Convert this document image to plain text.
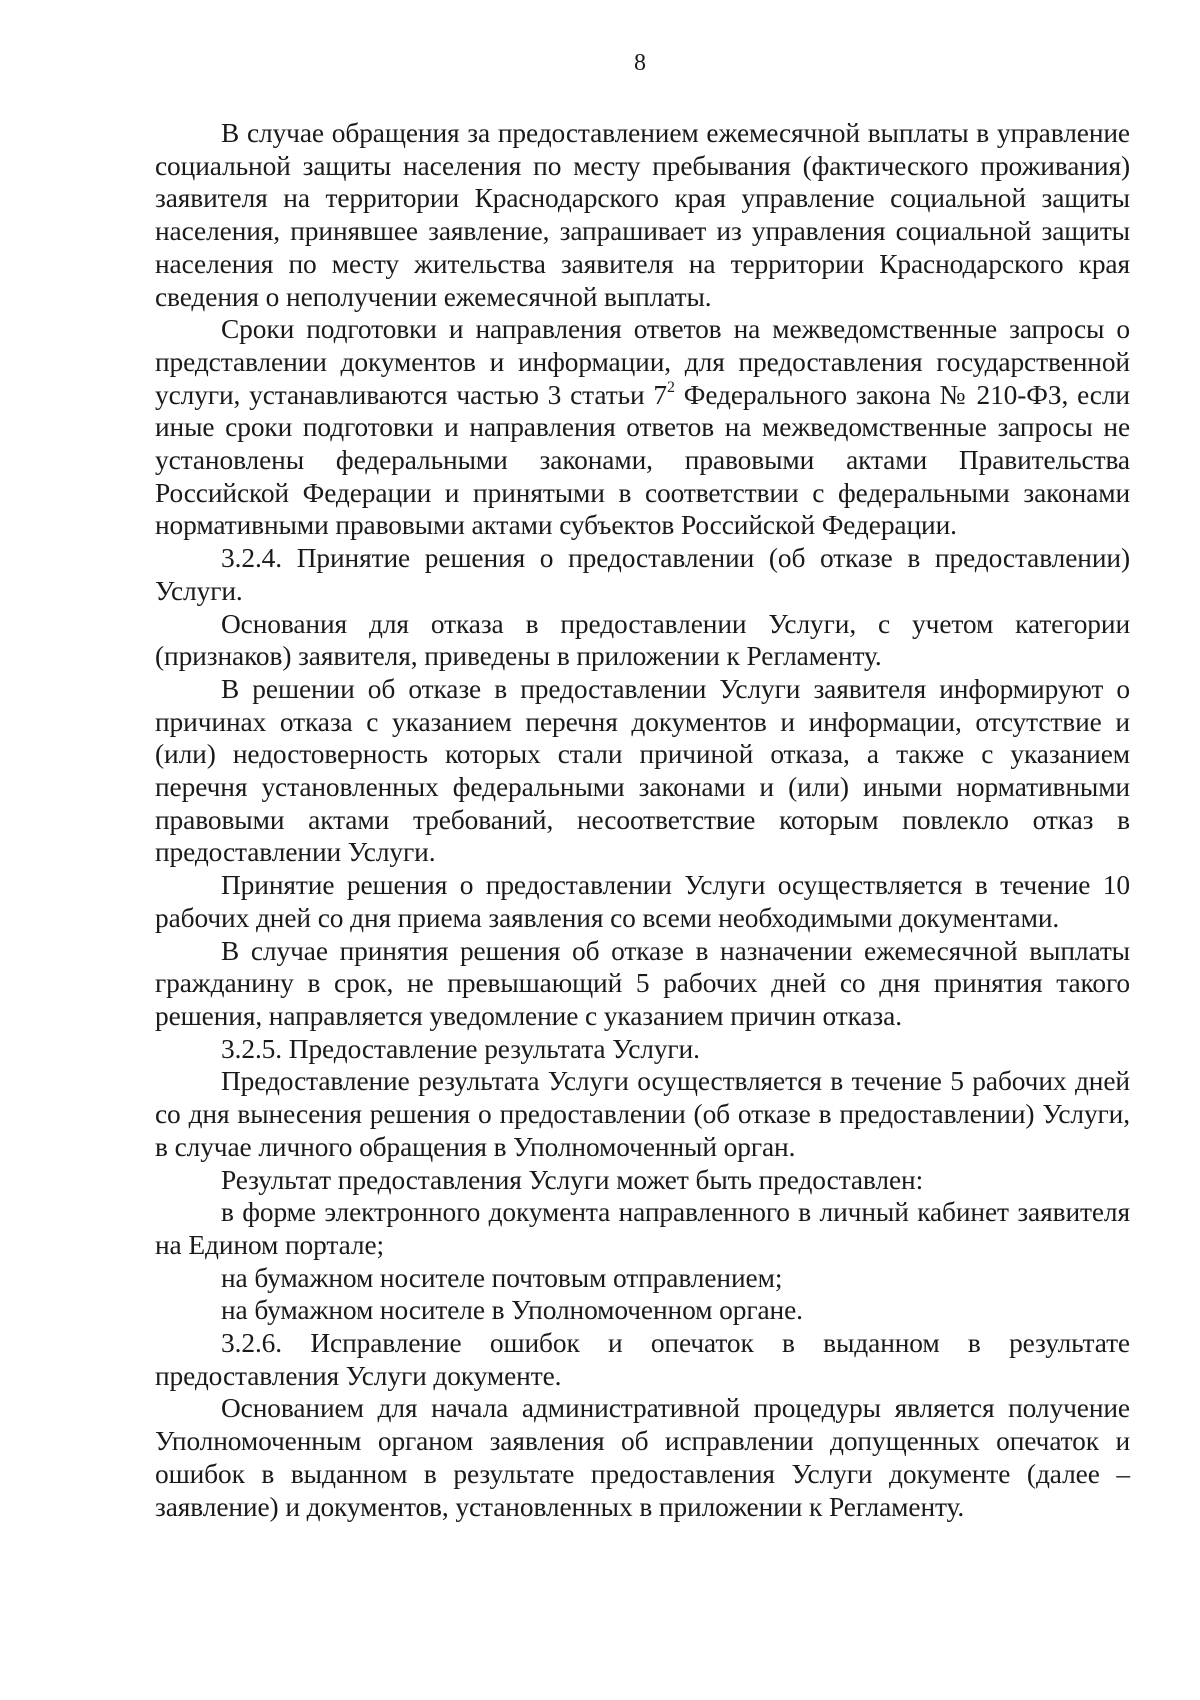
8

В случае обращения за предоставлением ежемесячной выплаты в управление социальной защиты населения по месту пребывания (фактического проживания) заявителя на территории Краснодарского края управление социальной защиты населения, принявшее заявление, запрашивает из управления социальной защиты населения по месту жительства заявителя на территории Краснодарского края сведения о неполучении ежемесячной выплаты.

Сроки подготовки и направления ответов на межведомственные запросы о представлении документов и информации, для предоставления государственной услуги, устанавливаются частью 3 статьи $7^2$ Федерального закона № 210-ФЗ, если иные сроки подготовки и направления ответов на межведомственные запросы не установлены федеральными законами, правовыми актами Правительства Российской Федерации и принятыми в соответствии с федеральными законами нормативными правовыми актами субъектов Российской Федерации.

3.2.4. Принятие решения о предоставлении (об отказе в предоставлении) Услуги.

Основания для отказа в предоставлении Услуги, с учетом категории (признаков) заявителя, приведены в приложении к Регламенту.

В решении об отказе в предоставлении Услуги заявителя информируют о причинах отказа с указанием перечня документов и информации, отсутствие и (или) недостоверность которых стали причиной отказа, а также с указанием перечня установленных федеральными законами и (или) иными нормативными правовыми актами требований, несоответствие которым повлекло отказ в предоставлении Услуги.

Принятие решения о предоставлении Услуги осуществляется в течение 10 рабочих дней со дня приема заявления со всеми необходимыми документами.

В случае принятия решения об отказе в назначении ежемесячной выплаты гражданину в срок, не превышающий 5 рабочих дней со дня принятия такого решения, направляется уведомление с указанием причин отказа.

3.2.5. Предоставление результата Услуги.

Предоставление результата Услуги осуществляется в течение 5 рабочих дней со дня вынесения решения о предоставлении (об отказе в предоставлении) Услуги, в случае личного обращения в Уполномоченный орган.

Результат предоставления Услуги может быть предоставлен:

в форме электронного документа направленного в личный кабинет заявителя на Едином портале;

на бумажном носителе почтовым отправлением;

на бумажном носителе в Уполномоченном органе.

3.2.6. Исправление ошибок и опечаток в выданном в результате предоставления Услуги документе.

Основанием для начала административной процедуры является получение Уполномоченным органом заявления об исправлении допущенных опечаток и ошибок в выданном в результате предоставления Услуги документе (далее – заявление) и документов, установленных в приложении к Регламенту.
